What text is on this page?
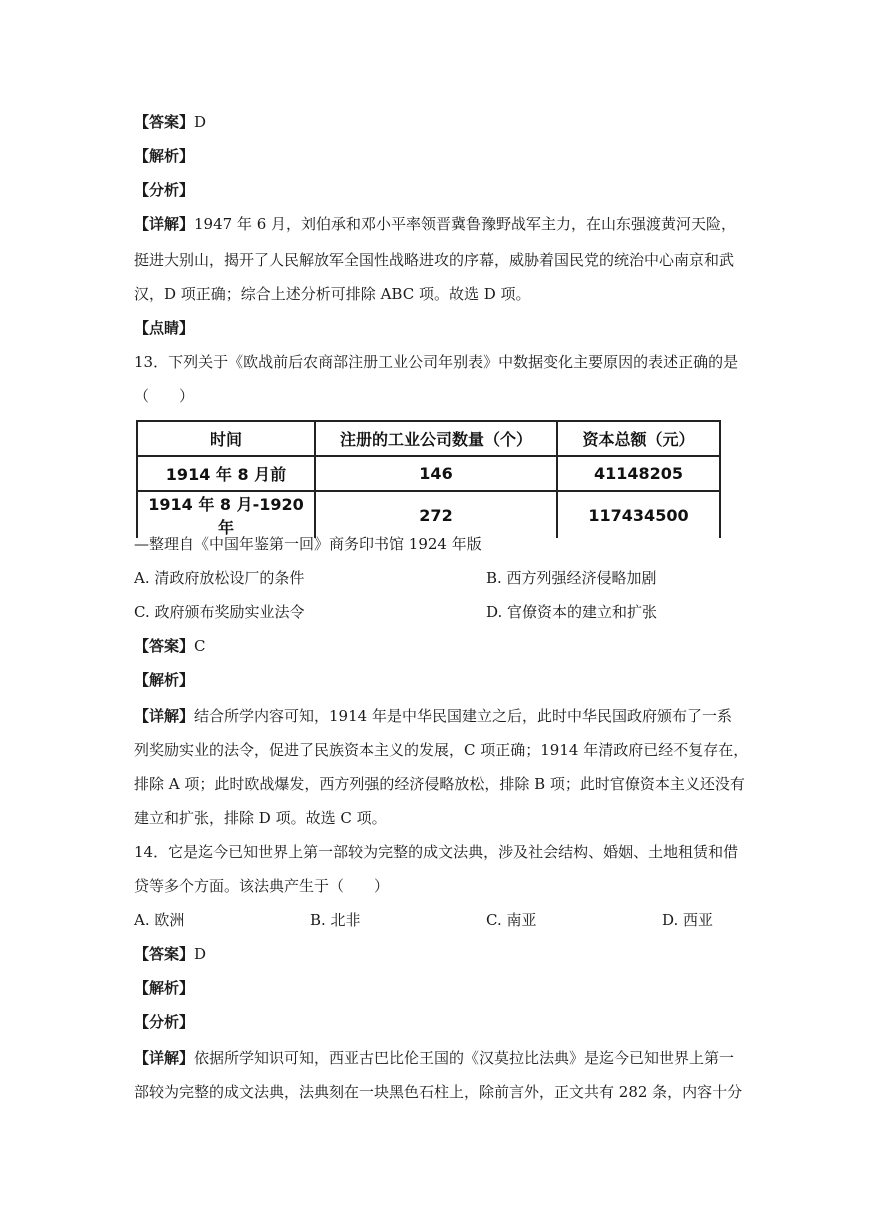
【答案】D
【解析】
【分析】
【详解】1947 年 6 月，刘伯承和邓小平率领晋冀鲁豫野战军主力，在山东强渡黄河天险，
挺进大别山，揭开了人民解放军全国性战略进攻的序幕，威胁着国民党的统治中心南京和武
汉，D 项正确；综合上述分析可排除 ABC 项。故选 D 项。
【点睛】
13．下列关于《欧战前后农商部注册工业公司年别表》中数据变化主要原因的表述正确的是
（　　）
时间	注册的工业公司数量（个）	资本总额（元）
1914 年 8 月前	146	41148205
1914 年 8 月-1920 年	272	117434500
—整理自《中国年鉴第一回》商务印书馆 1924 年版
A. 清政府放松设厂的条件	B. 西方列强经济侵略加剧
C. 政府颁布奖励实业法令	D. 官僚资本的建立和扩张
【答案】C
【解析】
【详解】结合所学内容可知，1914 年是中华民国建立之后，此时中华民国政府颁布了一系
列奖励实业的法令，促进了民族资本主义的发展，C 项正确；1914 年清政府已经不复存在，
排除 A 项；此时欧战爆发，西方列强的经济侵略放松，排除 B 项；此时官僚资本主义还没有
建立和扩张，排除 D 项。故选 C 项。
14．它是迄今已知世界上第一部较为完整的成文法典，涉及社会结构、婚姻、土地租赁和借
贷等多个方面。该法典产生于（　　）
A. 欧洲	B. 北非	C. 南亚	D. 西亚
【答案】D
【解析】
【分析】
【详解】依据所学知识可知，西亚古巴比伦王国的《汉莫拉比法典》是迄今已知世界上第一
部较为完整的成文法典，法典刻在一块黑色石柱上，除前言外，正文共有 282 条，内容十分
